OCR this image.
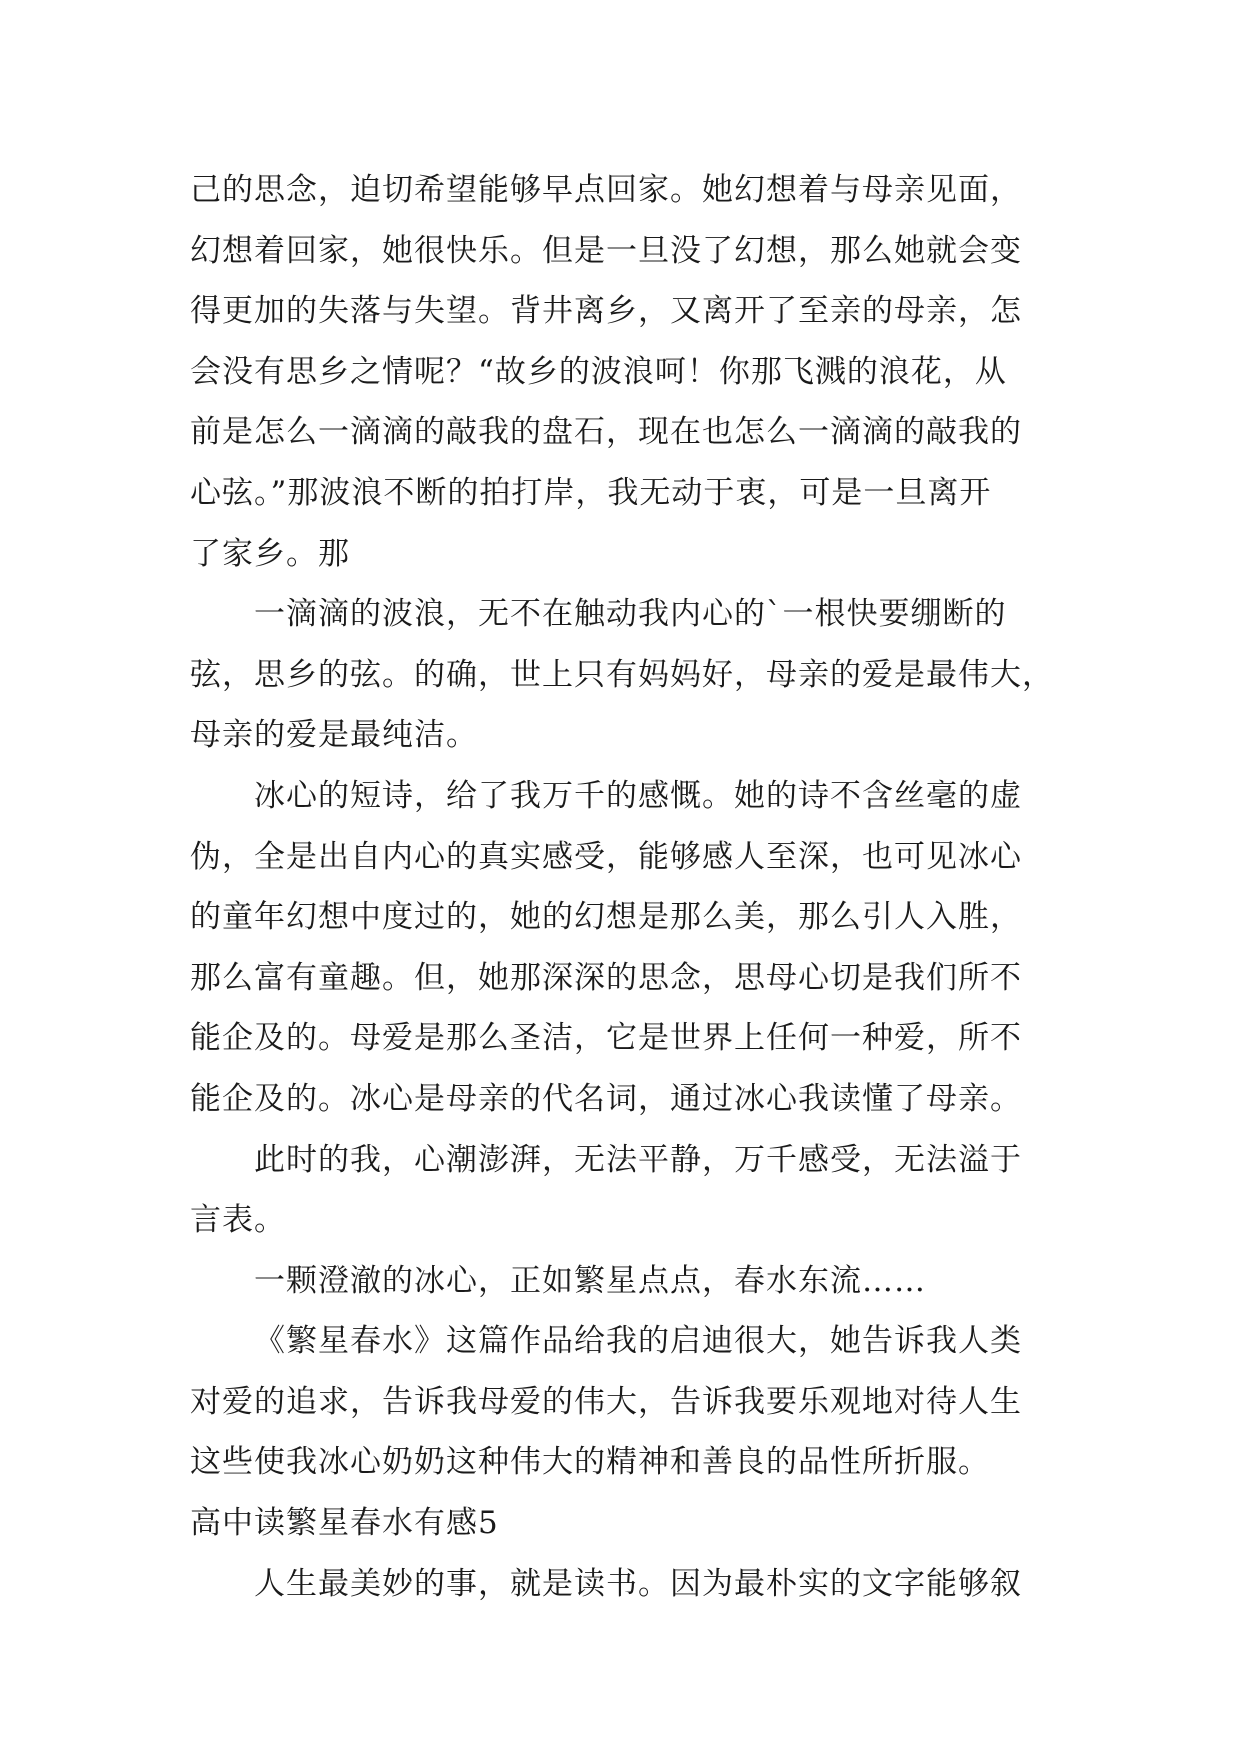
己的思念，迫切希望能够早点回家。她幻想着与母亲见面，
幻想着回家，她很快乐。但是一旦没了幻想，那么她就会变
得更加的失落与失望。背井离乡，又离开了至亲的母亲，怎
会没有思乡之情呢？“故乡的波浪呵！你那飞溅的浪花，从
前是怎么一滴滴的敲我的盘石，现在也怎么一滴滴的敲我的
心弦。”那波浪不断的拍打岸，我无动于衷，可是一旦离开
了家乡。那
一滴滴的波浪，无不在触动我内心的`一根快要绷断的
弦，思乡的弦。的确，世上只有妈妈好，母亲的爱是最伟大，
母亲的爱是最纯洁。
冰心的短诗，给了我万千的感慨。她的诗不含丝毫的虚
伪，全是出自内心的真实感受，能够感人至深，也可见冰心
的童年幻想中度过的，她的幻想是那么美，那么引人入胜，
那么富有童趣。但，她那深深的思念，思母心切是我们所不
能企及的。母爱是那么圣洁，它是世界上任何一种爱，所不
能企及的。冰心是母亲的代名词，通过冰心我读懂了母亲。
此时的我，心潮澎湃，无法平静，万千感受，无法溢于
言表。
一颗澄澈的冰心，正如繁星点点，春水东流……
《繁星春水》这篇作品给我的启迪很大，她告诉我人类
对爱的追求，告诉我母爱的伟大，告诉我要乐观地对待人生
这些使我冰心奶奶这种伟大的精神和善良的品性所折服。
高中读繁星春水有感5
人生最美妙的事，就是读书。因为最朴实的文字能够叙
